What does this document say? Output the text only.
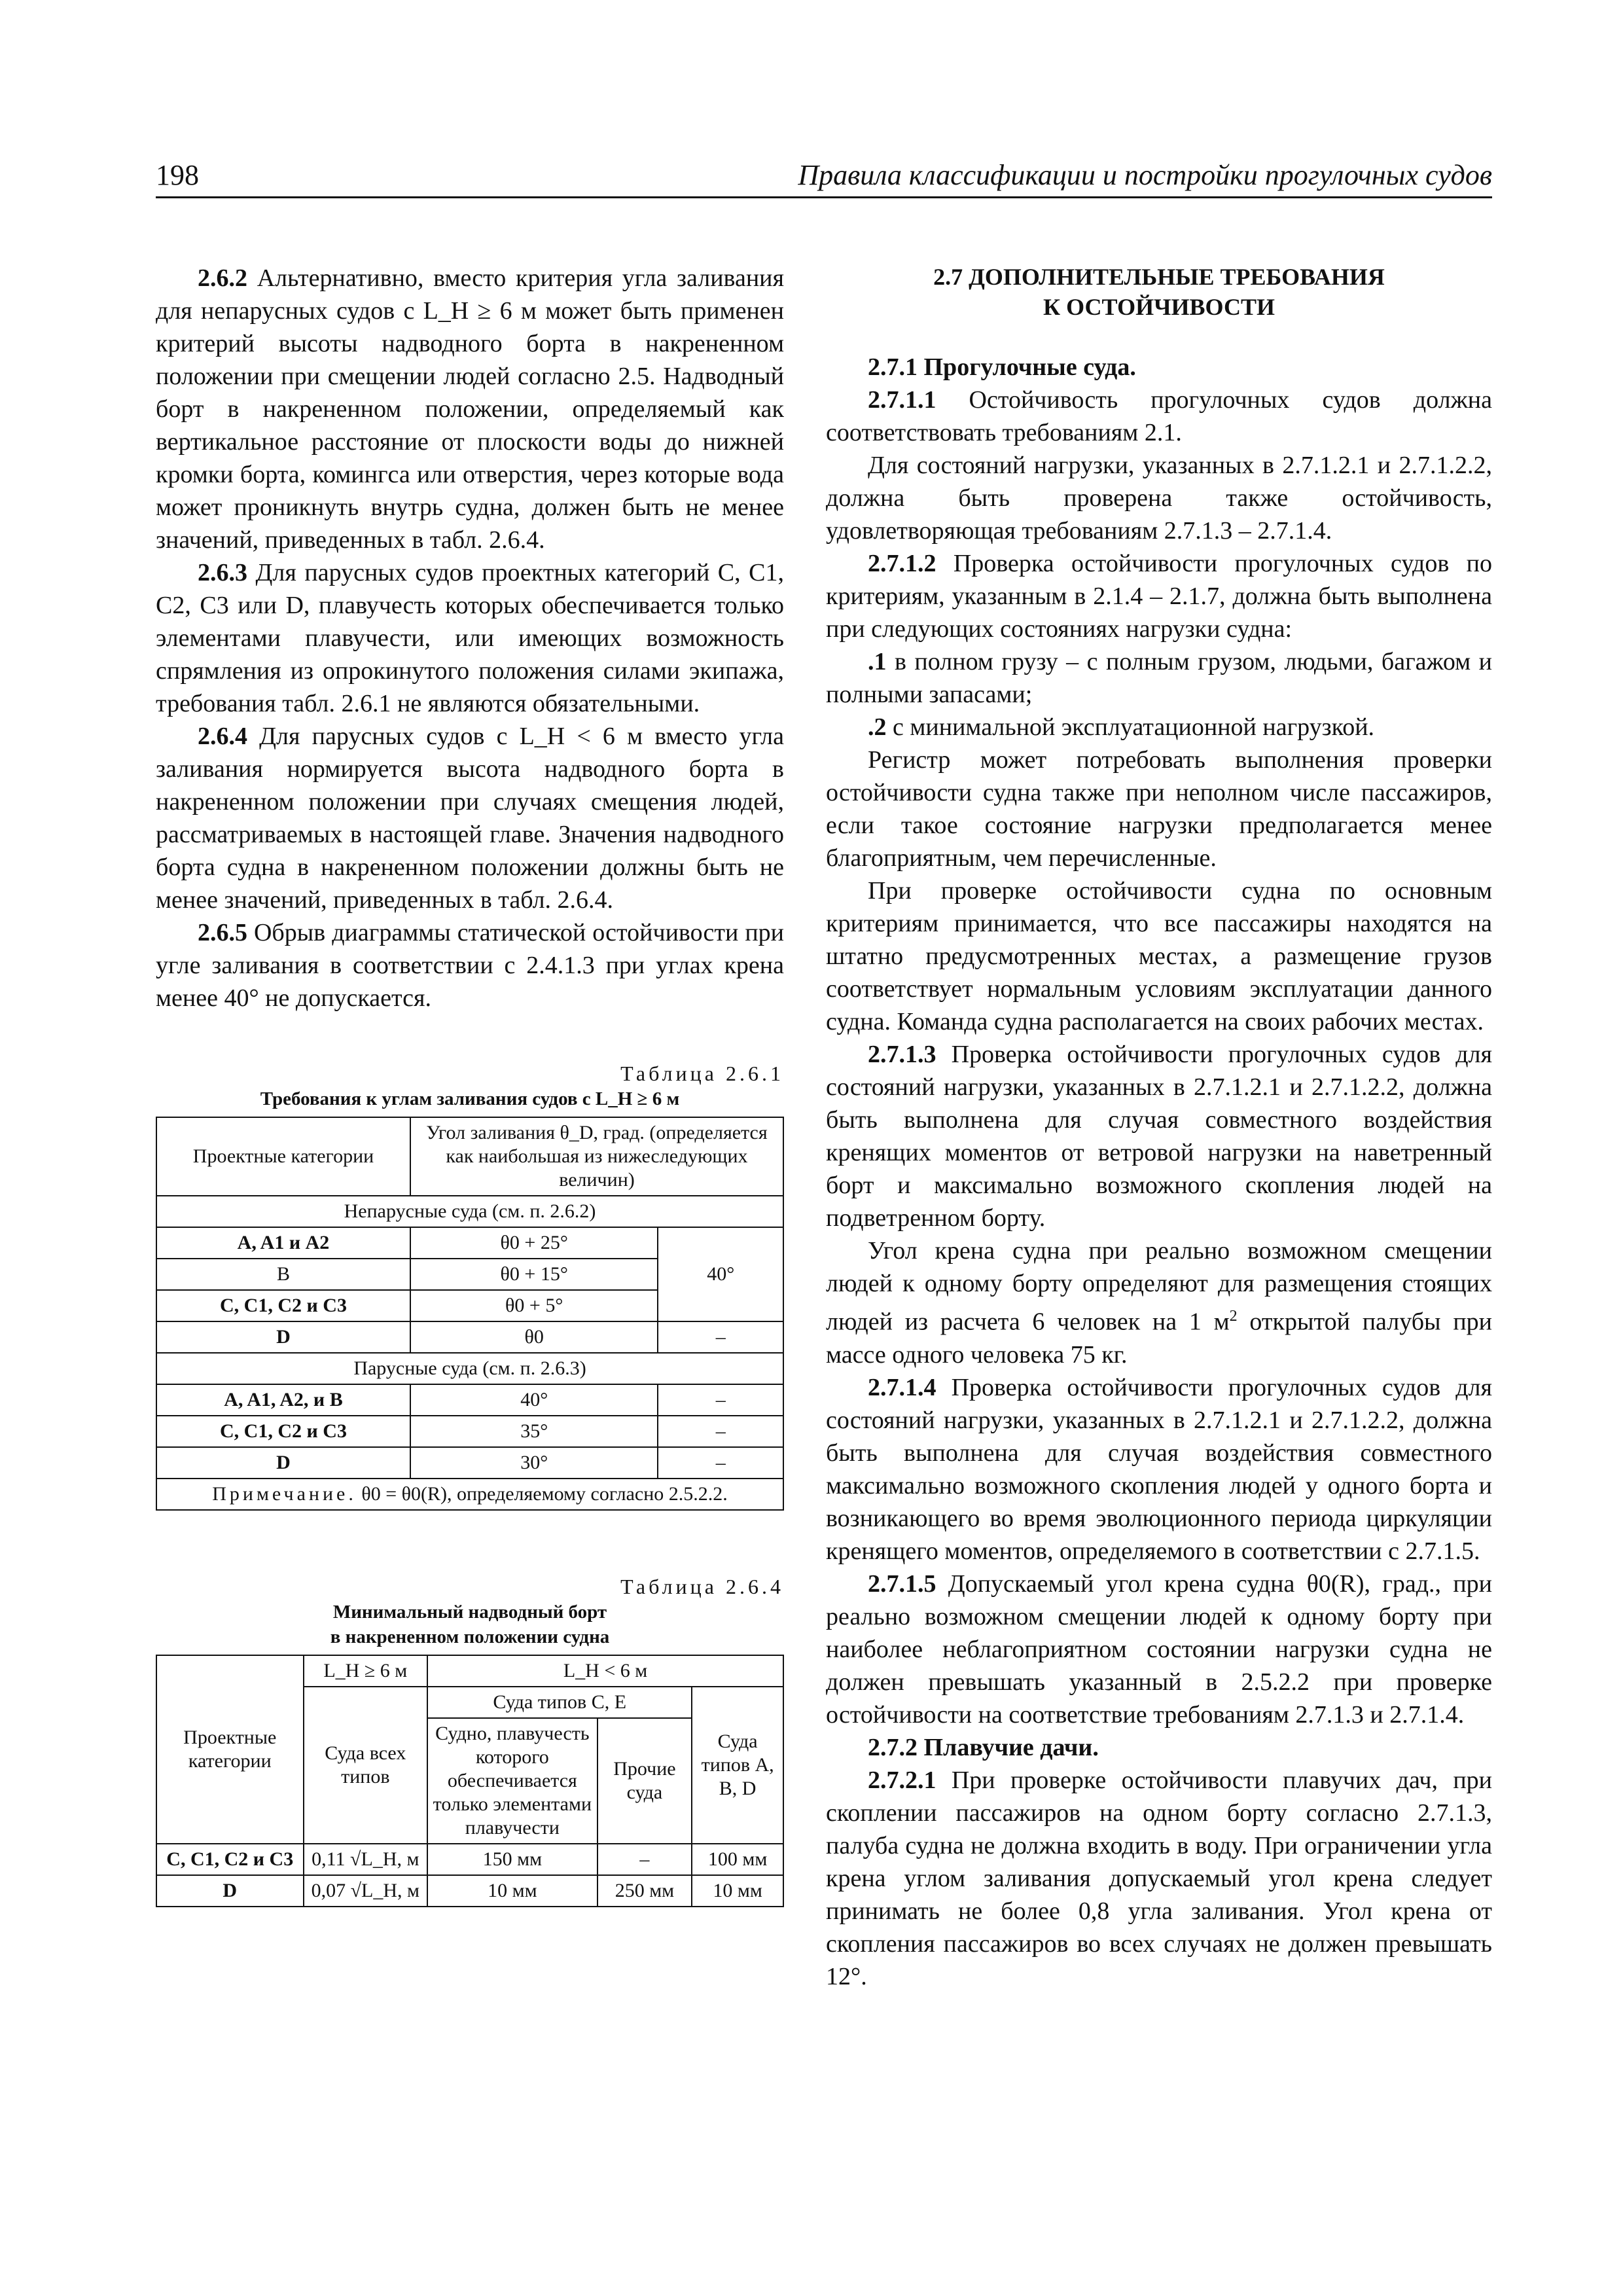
198	Правила классификации и постройки прогулочных судов

2.6.2 Альтернативно, вместо критерия угла заливания для непарусных судов с L_H ≥ 6 м может быть применен критерий высоты надводного борта в накрененном положении при смещении людей согласно 2.5. Надводный борт в накрененном положении, определяемый как вертикальное расстояние от плоскости воды до нижней кромки борта, комингса или отверстия, через которые вода может проникнуть внутрь судна, должен быть не менее значений, приведенных в табл. 2.6.4.

2.6.3 Для парусных судов проектных категорий C, C1, C2, C3 или D, плавучесть которых обеспечивается только элементами плавучести, или имеющих возможность спрямления из опрокинутого положения силами экипажа, требования табл. 2.6.1 не являются обязательными.

2.6.4 Для парусных судов с L_H < 6 м вместо угла заливания нормируется высота надводного борта в накрененном положении при случаях смещения людей, рассматриваемых в настоящей главе. Значения надводного борта судна в накрененном положении должны быть не менее значений, приведенных в табл. 2.6.4.

2.6.5 Обрыв диаграммы статической остойчивости при угле заливания в соответствии с 2.4.1.3 при углах крена менее 40° не допускается.

Таблица 2.6.1
Требования к углам заливания судов с L_H ≥ 6 м
Проектные категории	Угол заливания θ_D, град. (определяется как наибольшая из нижеследующих величин)	
Непарусные суда (см. п. 2.6.2)		
A, A1 и A2	θ0 + 25°	40°
B	θ0 + 15°	
C, C1, C2 и C3	θ0 + 5°	
D	θ0	–
Парусные суда (см. п. 2.6.3)		
A, A1, A2, и B	40°	–
C, C1, C2 и C3	35°	–
D	30°	–
Примечание. θ0 = θ0(R), определяемому согласно 2.5.2.2.		
Таблица 2.6.4
Минимальный надводный борт
в накрененном положении судна
Проектные категории	L_H ≥ 6 м	L_H < 6 м		
	Суда всех типов	Суда типов C, E		Суда типов A, B, D
		Судно, плавучесть которого обеспечивается только элементами плавучести	Прочие суда	
C, C1, C2 и C3	0,11 √L_H, м	150 мм	–	100 мм
D	0,07 √L_H, м	10 мм	250 мм	10 мм
2.7 ДОПОЛНИТЕЛЬНЫЕ ТРЕБОВАНИЯ
К ОСТОЙЧИВОСТИ

2.7.1 Прогулочные суда.

2.7.1.1 Остойчивость прогулочных судов должна соответствовать требованиям 2.1.

Для состояний нагрузки, указанных в 2.7.1.2.1 и 2.7.1.2.2, должна быть проверена также остойчивость, удовлетворяющая требованиям 2.7.1.3 – 2.7.1.4.

2.7.1.2 Проверка остойчивости прогулочных судов по критериям, указанным в 2.1.4 – 2.1.7, должна быть выполнена при следующих состояниях нагрузки судна:

.1 в полном грузу – с полным грузом, людьми, багажом и полными запасами;

.2 с минимальной эксплуатационной нагрузкой.

Регистр может потребовать выполнения проверки остойчивости судна также при неполном числе пассажиров, если такое состояние нагрузки предполагается менее благоприятным, чем перечисленные.

При проверке остойчивости судна по основным критериям принимается, что все пассажиры находятся на штатно предусмотренных местах, а размещение грузов соответствует нормальным условиям эксплуатации данного судна. Команда судна располагается на своих рабочих местах.

2.7.1.3 Проверка остойчивости прогулочных судов для состояний нагрузки, указанных в 2.7.1.2.1 и 2.7.1.2.2, должна быть выполнена для случая совместного воздействия кренящих моментов от ветровой нагрузки на наветренный борт и максимально возможного скопления людей на подветренном борту.

Угол крена судна при реально возможном смещении людей к одному борту определяют для размещения стоящих людей из расчета 6 человек на 1 $м^2$ открытой палубы при массе одного человека 75 кг.

2.7.1.4 Проверка остойчивости прогулочных судов для состояний нагрузки, указанных в 2.7.1.2.1 и 2.7.1.2.2, должна быть выполнена для случая воздействия совместного максимально возможного скопления людей у одного борта и возникающего во время эволюционного периода циркуляции кренящего моментов, определяемого в соответствии с 2.7.1.5.

2.7.1.5 Допускаемый угол крена судна θ0(R), град., при реально возможном смещении людей к одному борту при наиболее неблагоприятном состоянии нагрузки судна не должен превышать указанный в 2.5.2.2 при проверке остойчивости на соответствие требованиям 2.7.1.3 и 2.7.1.4.

2.7.2 Плавучие дачи.

2.7.2.1 При проверке остойчивости плавучих дач, при скоплении пассажиров на одном борту согласно 2.7.1.3, палуба судна не должна входить в воду. При ограничении угла крена углом заливания допускаемый угол крена следует принимать не более 0,8 угла заливания. Угол крена от скопления пассажиров во всех случаях не должен превышать 12°.
